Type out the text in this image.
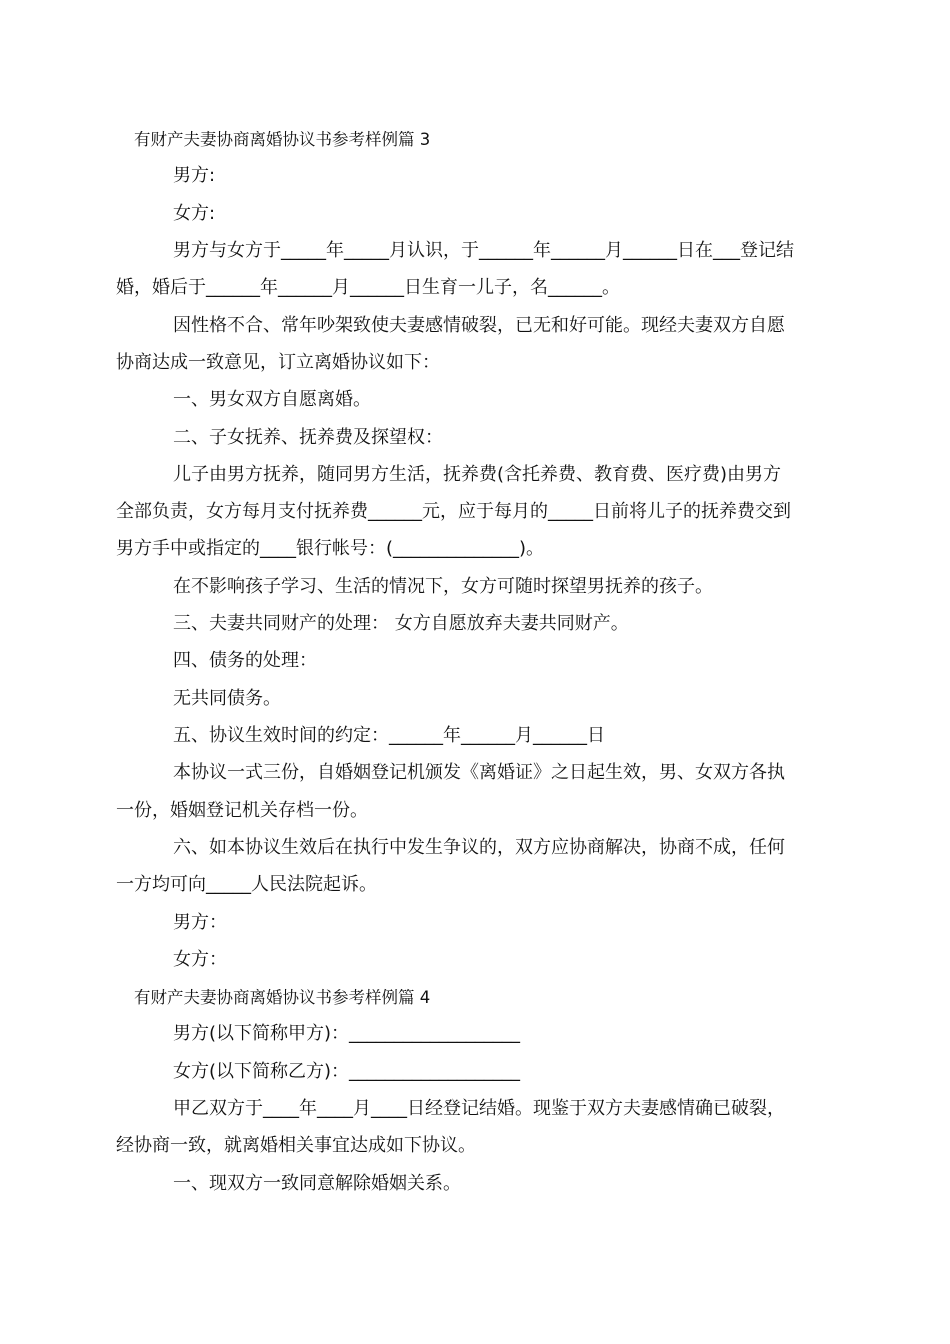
有财产夫妻协商离婚协议书参考样例篇 3

男方:

女方:

男方与女方于_____年_____月认识，于______年______月______日在___登记结

婚，婚后于______年______月______日生育一儿子，名______。

因性格不合、常年吵架致使夫妻感情破裂，已无和好可能。现经夫妻双方自愿

协商达成一致意见，订立离婚协议如下：

一、男女双方自愿离婚。

二、子女抚养、抚养费及探望权：

儿子由男方抚养，随同男方生活，抚养费(含托养费、教育费、医疗费)由男方

全部负责，女方每月支付抚养费______元，应于每月的_____日前将儿子的抚养费交到

男方手中或指定的____银行帐号：(______________)。

在不影响孩子学习、生活的情况下，女方可随时探望男抚养的孩子。

三、夫妻共同财产的处理： 女方自愿放弃夫妻共同财产。

四、债务的处理：

无共同债务。

五、协议生效时间的约定：______年______月______日

本协议一式三份，自婚姻登记机颁发《离婚证》之日起生效，男、女双方各执

一份，婚姻登记机关存档一份。

六、如本协议生效后在执行中发生争议的，双方应协商解决，协商不成，任何

一方均可向_____人民法院起诉。

男方：

女方：

有财产夫妻协商离婚协议书参考样例篇 4

男方(以下简称甲方)：___________________

女方(以下简称乙方)：___________________

甲乙双方于____年____月____日经登记结婚。现鉴于双方夫妻感情确已破裂，

经协商一致，就离婚相关事宜达成如下协议。

一、现双方一致同意解除婚姻关系。
